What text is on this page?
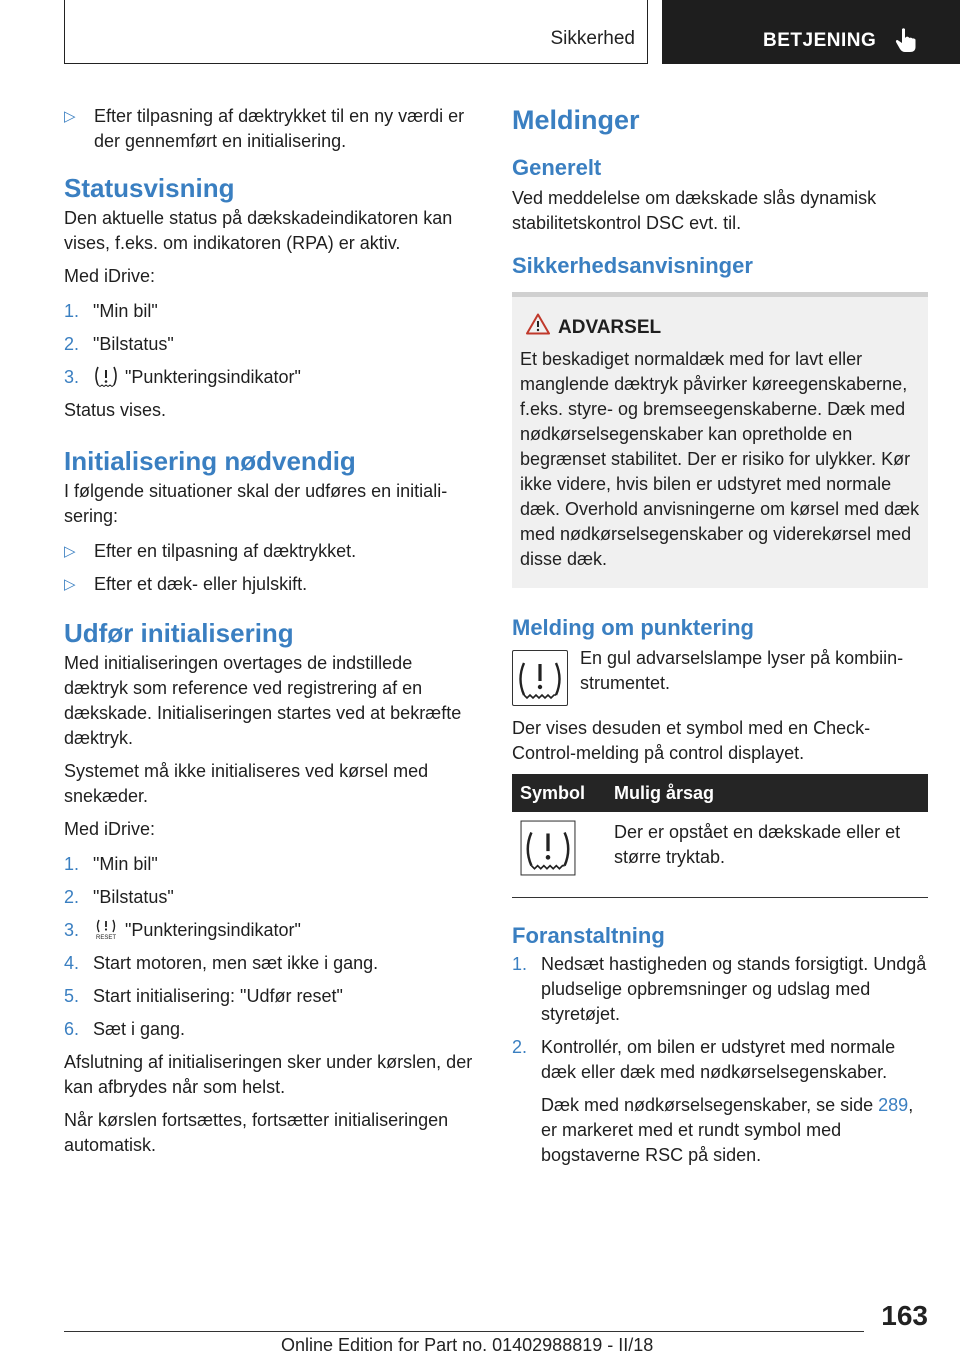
Sikkerhed	BETJENING
▷ Efter tilpasning af dæktrykket til en ny værdi er der gennemført en initialisering.
Statusvisning

Den aktuelle status på dækskadeindikatoren kan vises, f.eks. om indikatoren (RPA) er aktiv.

Med iDrive:

1. "Min bil"
2. "Bilstatus"
3.	"Punkteringsindikator"

Status vises.

Initialisering nødvendig

I følgende situationer skal der udføres en initialisering:

▷ Efter en tilpasning af dæktrykket.
▷ Efter et dæk- eller hjulskift.
Udfør initialisering

Med initialiseringen overtages de indstillede dæktryk som reference ved registrering af en dækskade. Initialiseringen startes ved at bekræfte dæktryk.

Systemet må ikke initialiseres ved kørsel med snekæder.

Med iDrive:

1. "Min bil"
2. "Bilstatus"
3.	RESET "Punkteringsindikator"
4. Start motoren, men sæt ikke i gang.
5. Start initialisering: "Udfør reset"
6. Sæt i gang.

Afslutning af initialiseringen sker under kørslen, der kan afbrydes når som helst.

Når kørslen fortsættes, fortsætter initialiseringen automatisk.

Meldinger
Generelt

Ved meddelelse om dækskade slås dynamisk stabilitetskontrol DSC evt. til.

Sikkerhedsanvisninger
ADVARSEL

Et beskadiget normaldæk med for lavt eller manglende dæktryk påvirker køreegenskaberne, f.eks. styre- og bremseegenskaberne. Dæk med nødkørselsegenskaber kan opretholde en begrænset stabilitet. Der er risiko for ulykker. Kør ikke videre, hvis bilen er udstyret med normale dæk. Overhold anvisningerne om kørsel med dæk med nødkørselsegenskaber og viderekørsel med disse dæk.

Melding om punktering

En gul advarselslampe lyser på kombiinstrumentet.

Der vises desuden et symbol med en Check-Control-melding på control displayet.

Symbol	Mulig årsag
	Der er opstået en dækskade eller et større tryktab.
Foranstaltning
1. Nedsæt hastigheden og stands forsigtigt. Undgå pludselige opbremsninger og udslag med styretøjet.
2. Kontrollér, om bilen er udstyret med normale dæk eller dæk med nødkørselsegenskaber.
Dæk med nødkørselsegenskaber, se side 289, er markeret med et rundt symbol med bogstaverne RSC på siden.
163
Online Edition for Part no. 01402988819 - II/18
